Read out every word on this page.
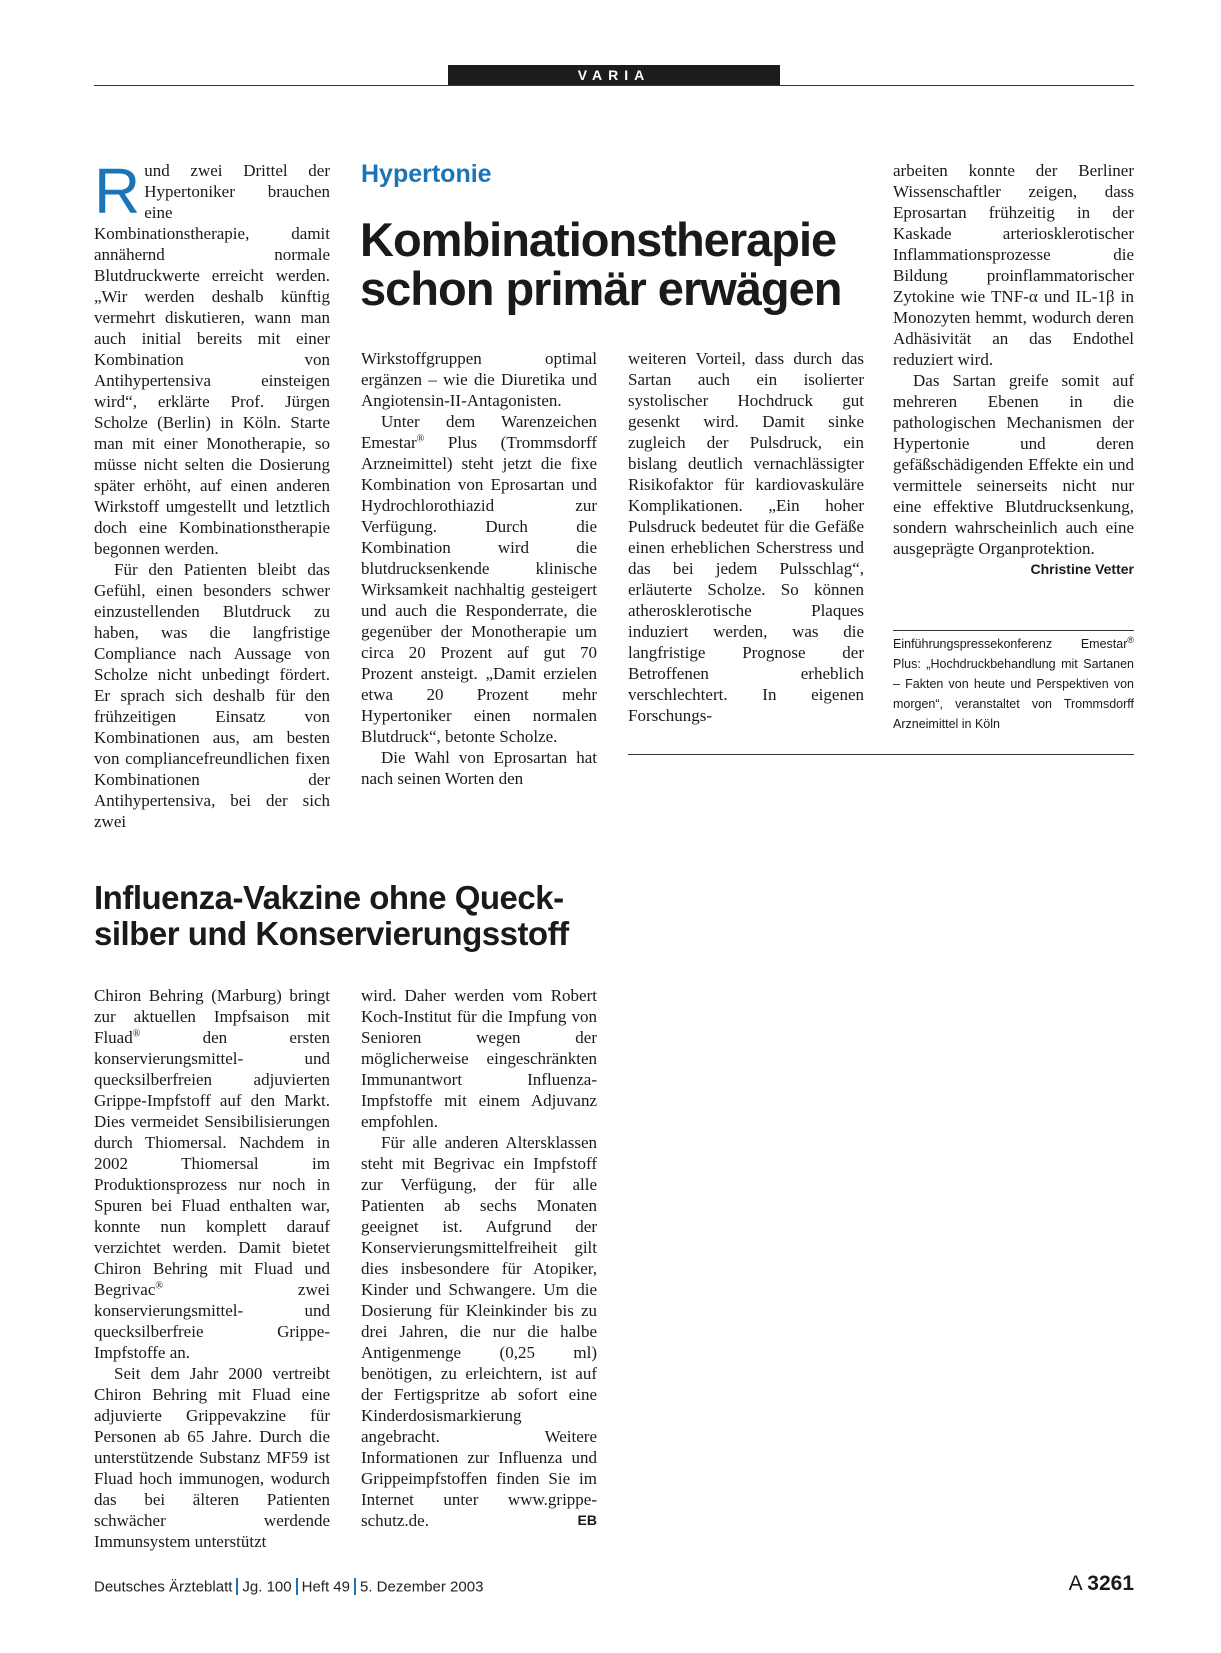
VARIA

Rund zwei Drittel der Hypertoniker brauchen eine Kombinationstherapie, damit annähernd normale Blutdruckwerte erreicht werden. „Wir werden deshalb künftig vermehrt diskutieren, wann man auch initial bereits mit einer Kombination von Antihypertensiva einsteigen wird“, erklärte Prof. Jürgen Scholze (Berlin) in Köln. Starte man mit einer Monotherapie, so müsse nicht selten die Dosierung später erhöht, auf einen anderen Wirkstoff umgestellt und letztlich doch eine Kombinationstherapie begonnen werden.

Für den Patienten bleibt das Gefühl, einen besonders schwer einzustellenden Blutdruck zu haben, was die langfristige Compliance nach Aussage von Scholze nicht unbedingt fördert. Er sprach sich deshalb für den frühzeitigen Einsatz von Kombinationen aus, am besten von compliancefreundlichen fixen Kombinationen der Antihypertensiva, bei der sich zwei

Hypertonie
Kombinationstherapie
schon primär erwägen

Wirkstoffgruppen optimal ergänzen – wie die Diuretika und Angiotensin-II-Antagonisten.

Unter dem Warenzeichen Emestar® Plus (Trommsdorff Arzneimittel) steht jetzt die fixe Kombination von Eprosartan und Hydrochlorothiazid zur Verfügung. Durch die Kombination wird die blutdrucksenkende klinische Wirksamkeit nachhaltig gesteigert und auch die Responderrate, die gegenüber der Monotherapie um circa 20 Prozent auf gut 70 Prozent ansteigt. „Damit erzielen etwa 20 Prozent mehr Hypertoniker einen normalen Blutdruck“, betonte Scholze.

Die Wahl von Eprosartan hat nach seinen Worten den

weiteren Vorteil, dass durch das Sartan auch ein isolierter systolischer Hochdruck gut gesenkt wird. Damit sinke zugleich der Pulsdruck, ein bislang deutlich vernachlässigter Risikofaktor für kardiovaskuläre Komplikationen. „Ein hoher Pulsdruck bedeutet für die Gefäße einen erheblichen Scherstress und das bei jedem Pulsschlag“, erläuterte Scholze. So können atherosklerotische Plaques induziert werden, was die langfristige Prognose der Betroffenen erheblich verschlechtert. In eigenen Forschungs-

arbeiten konnte der Berliner Wissenschaftler zeigen, dass Eprosartan frühzeitig in der Kaskade arteriosklerotischer Inflammationsprozesse die Bildung proinflammatorischer Zytokine wie TNF-α und IL-1β in Monozyten hemmt, wodurch deren Adhäsivität an das Endothel reduziert wird.

Das Sartan greife somit auf mehreren Ebenen in die pathologischen Mechanismen der Hypertonie und deren gefäßschädigenden Effekte ein und vermittele seinerseits nicht nur eine effektive Blutdrucksenkung, sondern wahrscheinlich auch eine ausgeprägte Organprotektion.
Christine Vetter

Einführungspressekonferenz Emestar® Plus: „Hochdruckbehandlung mit Sartanen – Fakten von heute und Perspektiven von morgen“, veranstaltet von Trommsdorff Arzneimittel in Köln
Influenza-Vakzine ohne Queck-
silber und Konservierungsstoff

Chiron Behring (Marburg) bringt zur aktuellen Impfsaison mit Fluad® den ersten konservierungsmittel- und quecksilberfreien adjuvierten Grippe-Impfstoff auf den Markt. Dies vermeidet Sensibilisierungen durch Thiomersal. Nachdem in 2002 Thiomersal im Produktionsprozess nur noch in Spuren bei Fluad enthalten war, konnte nun komplett darauf verzichtet werden. Damit bietet Chiron Behring mit Fluad und Begrivac® zwei konservierungsmittel- und quecksilberfreie Grippe-Impfstoffe an.

Seit dem Jahr 2000 vertreibt Chiron Behring mit Fluad eine adjuvierte Grippevakzine für Personen ab 65 Jahre. Durch die unterstützende Substanz MF59 ist Fluad hoch immunogen, wodurch das bei älteren Patienten schwächer werdende Immunsystem unterstützt

wird. Daher werden vom Robert Koch-Institut für die Impfung von Senioren wegen der möglicherweise eingeschränkten Immunantwort Influenza-Impfstoffe mit einem Adjuvanz empfohlen.

Für alle anderen Altersklassen steht mit Begrivac ein Impfstoff zur Verfügung, der für alle Patienten ab sechs Monaten geeignet ist. Aufgrund der Konservierungsmittelfreiheit gilt dies insbesondere für Atopiker, Kinder und Schwangere. Um die Dosierung für Kleinkinder bis zu drei Jahren, die nur die halbe Antigenmenge (0,25 ml) benötigen, zu erleichtern, ist auf der Fertigspritze ab sofort eine Kinderdosismarkierung angebracht. Weitere Informationen zur Influenza und Grippeimpfstoffen finden Sie im Internet unter www.grippe-schutz.de.	EB

Deutsches Ärzteblatt Jg. 100 Heft 49 5. Dezember 2003	A 3261
